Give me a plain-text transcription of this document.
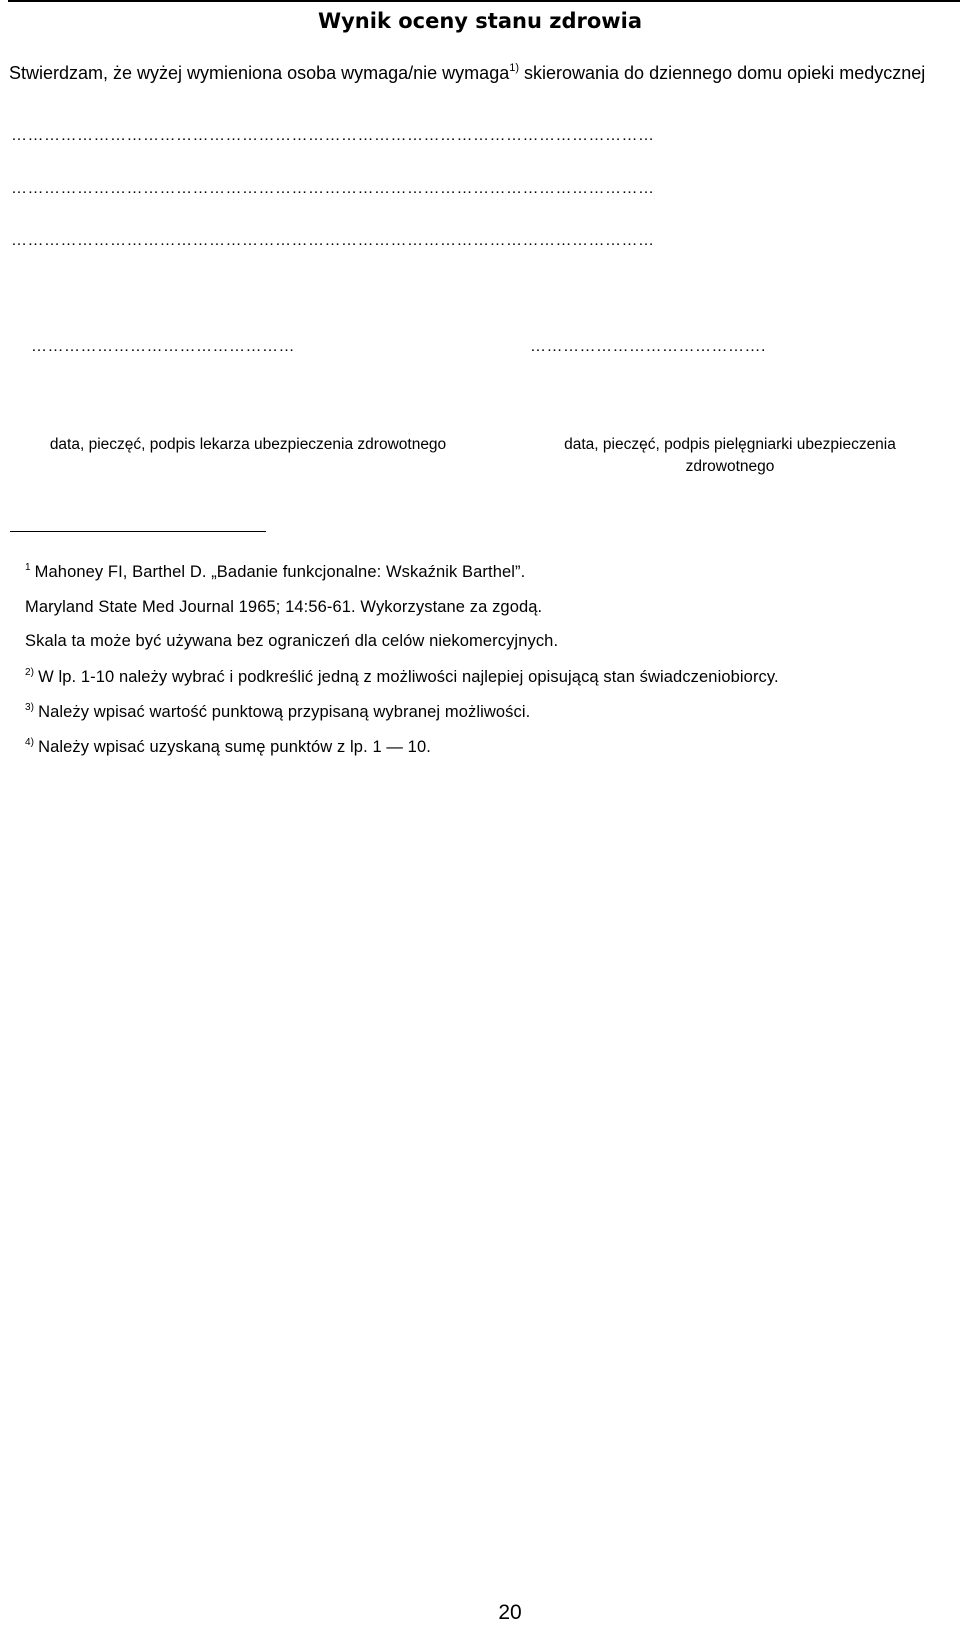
Wynik oceny stanu zdrowia
Stwierdzam, że wyżej wymieniona osoba wymaga/nie wymaga$^{1)}$ skierowania do dziennego domu opieki medycznej
………………………………………………………………………………………………………
………………………………………………………………………………………………………
………………………………………………………………………………………………………
…………………………………………	…………………………………….
data, pieczęć, podpis lekarza ubezpieczenia zdrowotnego	data, pieczęć, podpis pielęgniarki ubezpieczenia zdrowotnego
$^1$ Mahoney FI, Barthel D. „Badanie funkcjonalne: Wskaźnik Barthel”.
Maryland State Med Journal 1965; 14:56-61. Wykorzystane za zgodą.
Skala ta może być używana bez ograniczeń dla celów niekomercyjnych.
$^{2)}$ W lp. 1-10 należy wybrać i podkreślić jedną z możliwości najlepiej opisującą stan świadczeniobiorcy.
$^{3)}$ Należy wpisać wartość punktową przypisaną wybranej możliwości.
$^{4)}$ Należy wpisać uzyskaną sumę punktów z lp. 1 — 10.
20
